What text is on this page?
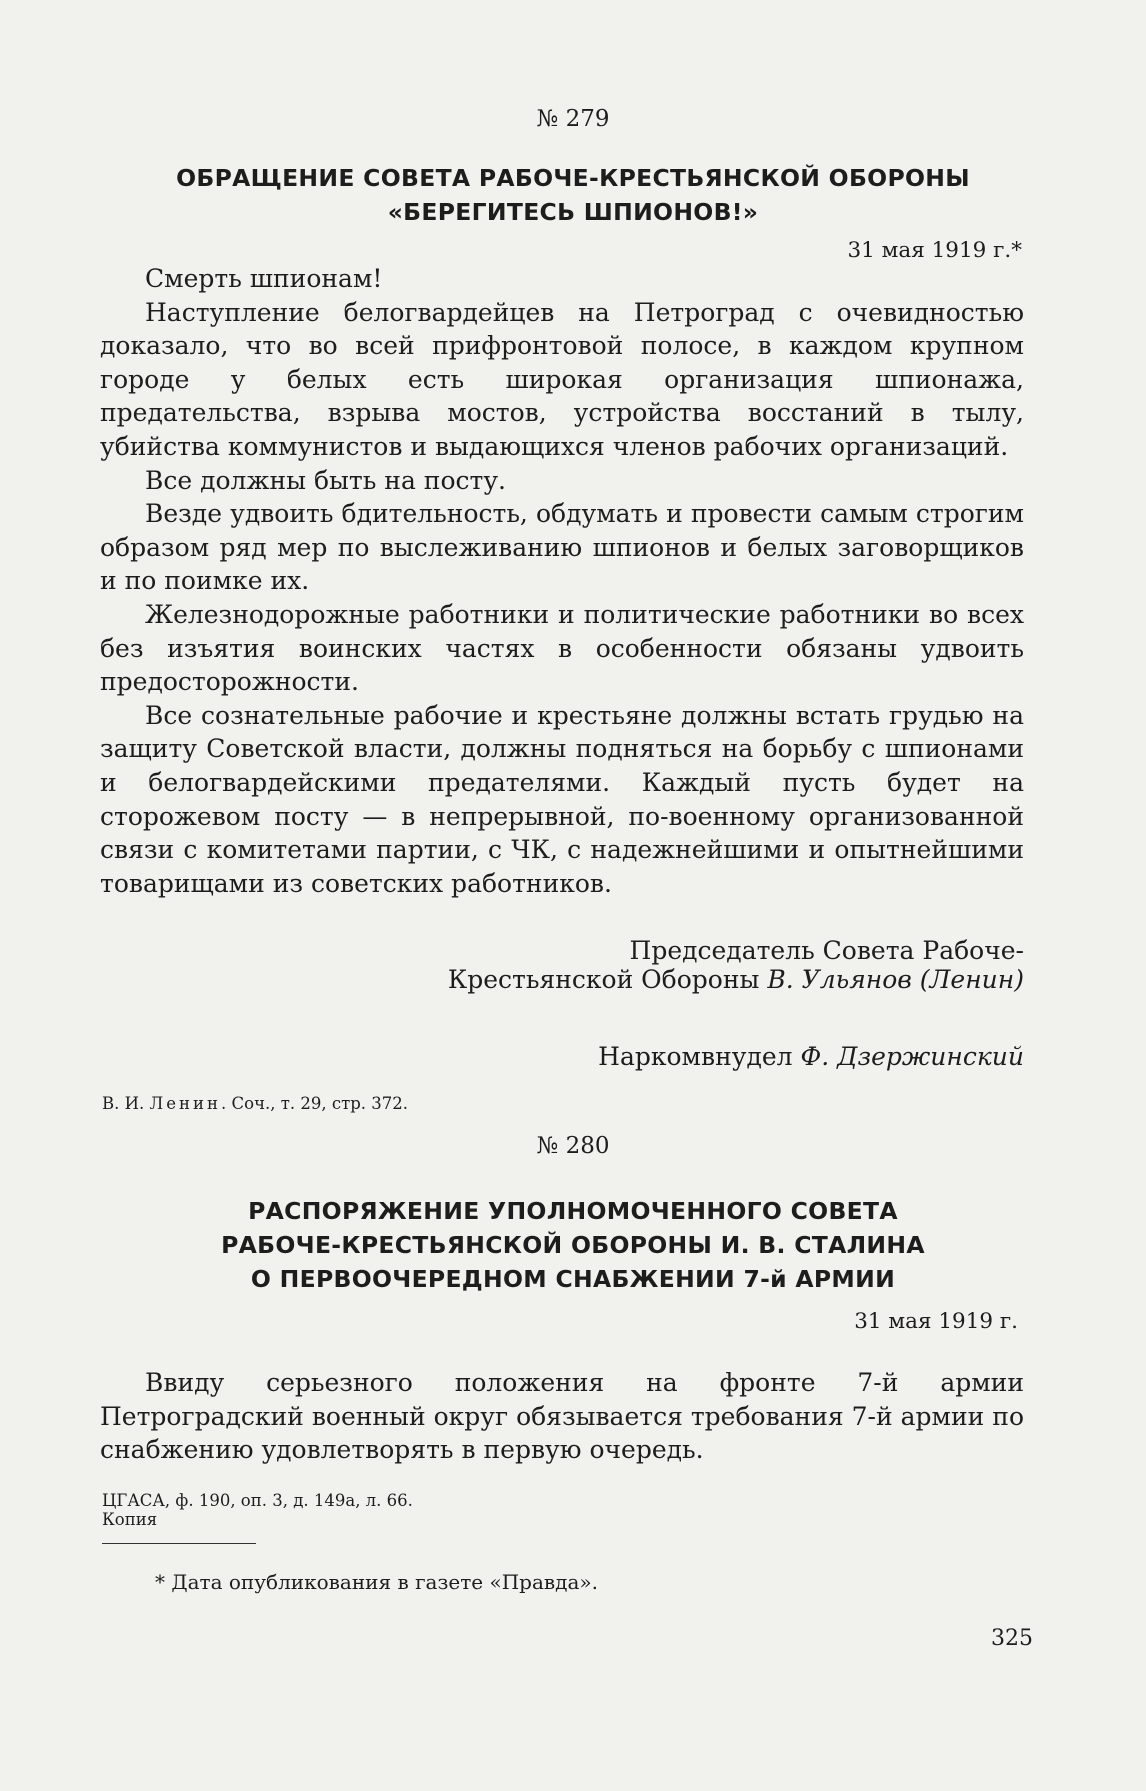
№ 279
ОБРАЩЕНИЕ СОВЕТА РАБОЧЕ-КРЕСТЬЯНСКОЙ ОБОРОНЫ
«БЕРЕГИТЕСЬ ШПИОНОВ!»
31 мая 1919 г.*

Смерть шпионам!

Наступление белогвардейцев на Петроград с очевидностью доказало, что во всей прифронтовой полосе, в каждом крупном городе у белых есть широкая организация шпионажа, предательства, взрыва мостов, устройства восстаний в тылу, убийства коммунистов и выдающихся членов рабочих организаций.

Все должны быть на посту.

Везде удвоить бдительность, обдумать и провести самым строгим образом ряд мер по выслеживанию шпионов и белых заговорщиков и по поимке их.

Железнодорожные работники и политические работники во всех без изъятия воинских частях в особенности обязаны удвоить предосторожности.

Все сознательные рабочие и крестьяне должны встать грудью на защиту Советской власти, должны подняться на борьбу с шпионами и белогвардейскими предателями. Каждый пусть будет на сторожевом посту — в непрерывной, по-военному организованной связи с комитетами партии, с ЧК, с надежнейшими и опытнейшими товарищами из советских работников.

Председатель Совета Рабоче-
Крестьянской Обороны В. Ульянов (Ленин)
Наркомвнудел Ф. Дзержинский
В. И. Ленин. Соч., т. 29, стр. 372.
№ 280
РАСПОРЯЖЕНИЕ УПОЛНОМОЧЕННОГО СОВЕТА
РАБОЧЕ-КРЕСТЬЯНСКОЙ ОБОРОНЫ И. В. СТАЛИНА
О ПЕРВООЧЕРЕДНОМ СНАБЖЕНИИ 7-й АРМИИ
31 мая 1919 г.

Ввиду серьезного положения на фронте 7-й армии Петроградский военный округ обязывается требования 7-й армии по снабжению удовлетворять в первую очередь.

ЦГАСА, ф. 190, оп. 3, д. 149а, л. 66.
Копия
* Дата опубликования в газете «Правда».
325
